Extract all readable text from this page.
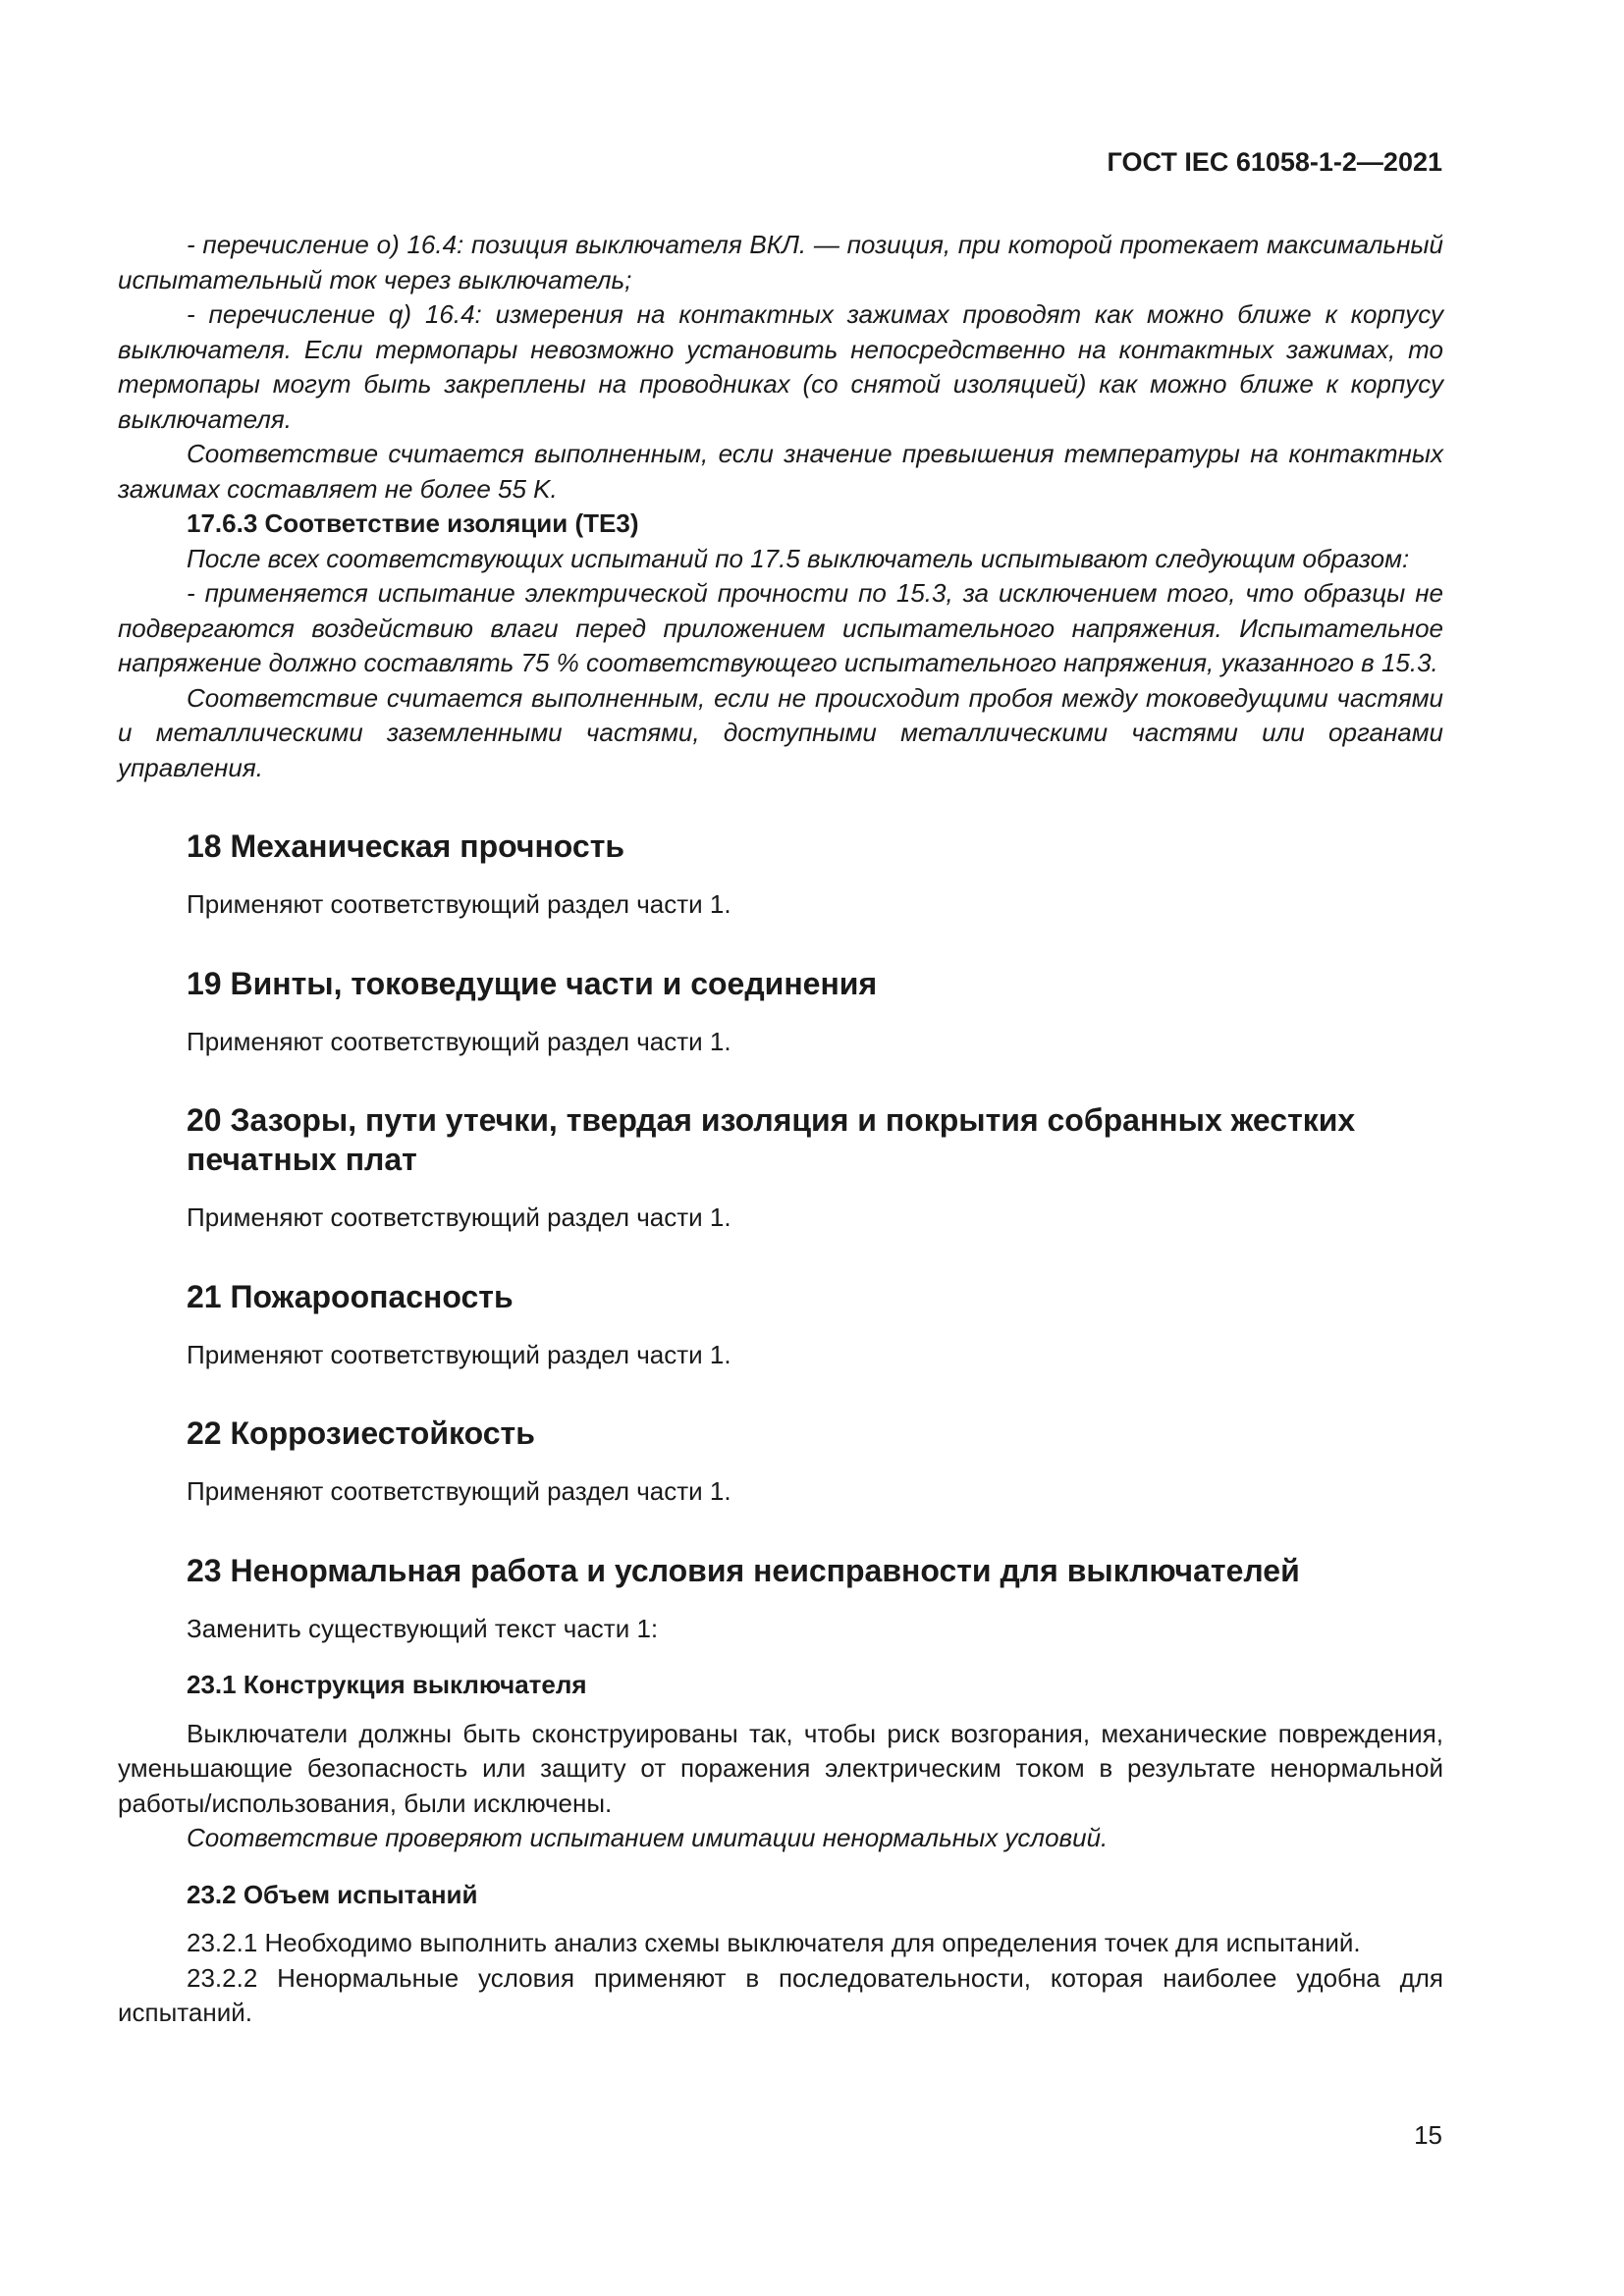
ГОСТ IEC 61058-1-2—2021

- перечисление o) 16.4: позиция выключателя ВКЛ. — позиция, при которой протекает максимальный испытательный ток через выключатель;

- перечисление q) 16.4: измерения на контактных зажимах проводят как можно ближе к корпусу выключателя. Если термопары невозможно установить непосредственно на контактных зажимах, то термопары могут быть закреплены на проводниках (со снятой изоляцией) как можно ближе к корпусу выключателя.

Соответствие считается выполненным, если значение превышения температуры на контактных зажимах составляет не более 55 K.

17.6.3 Соответствие изоляции (ТЕ3)

После всех соответствующих испытаний по 17.5 выключатель испытывают следующим образом:

- применяется испытание электрической прочности по 15.3, за исключением того, что образцы не подвергаются воздействию влаги перед приложением испытательного напряжения. Испытательное напряжение должно составлять 75 % соответствующего испытательного напряжения, указанного в 15.3.

Соответствие считается выполненным, если не происходит пробоя между токоведущими частями и металлическими заземленными частями, доступными металлическими частями или органами управления.

18 Механическая прочность

Применяют соответствующий раздел части 1.

19 Винты, токоведущие части и соединения

Применяют соответствующий раздел части 1.

20 Зазоры, пути утечки, твердая изоляция и покрытия собранных жестких печатных плат

Применяют соответствующий раздел части 1.

21 Пожароопасность

Применяют соответствующий раздел части 1.

22 Коррозиестойкость

Применяют соответствующий раздел части 1.

23 Ненормальная работа и условия неисправности для выключателей

Заменить существующий текст части 1:

23.1 Конструкция выключателя

Выключатели должны быть сконструированы так, чтобы риск возгорания, механические повреждения, уменьшающие безопасность или защиту от поражения электрическим током в результате ненормальной работы/использования, были исключены.

Соответствие проверяют испытанием имитации ненормальных условий.

23.2 Объем испытаний

23.2.1 Необходимо выполнить анализ схемы выключателя для определения точек для испытаний.

23.2.2 Ненормальные условия применяют в последовательности, которая наиболее удобна для испытаний.

15
